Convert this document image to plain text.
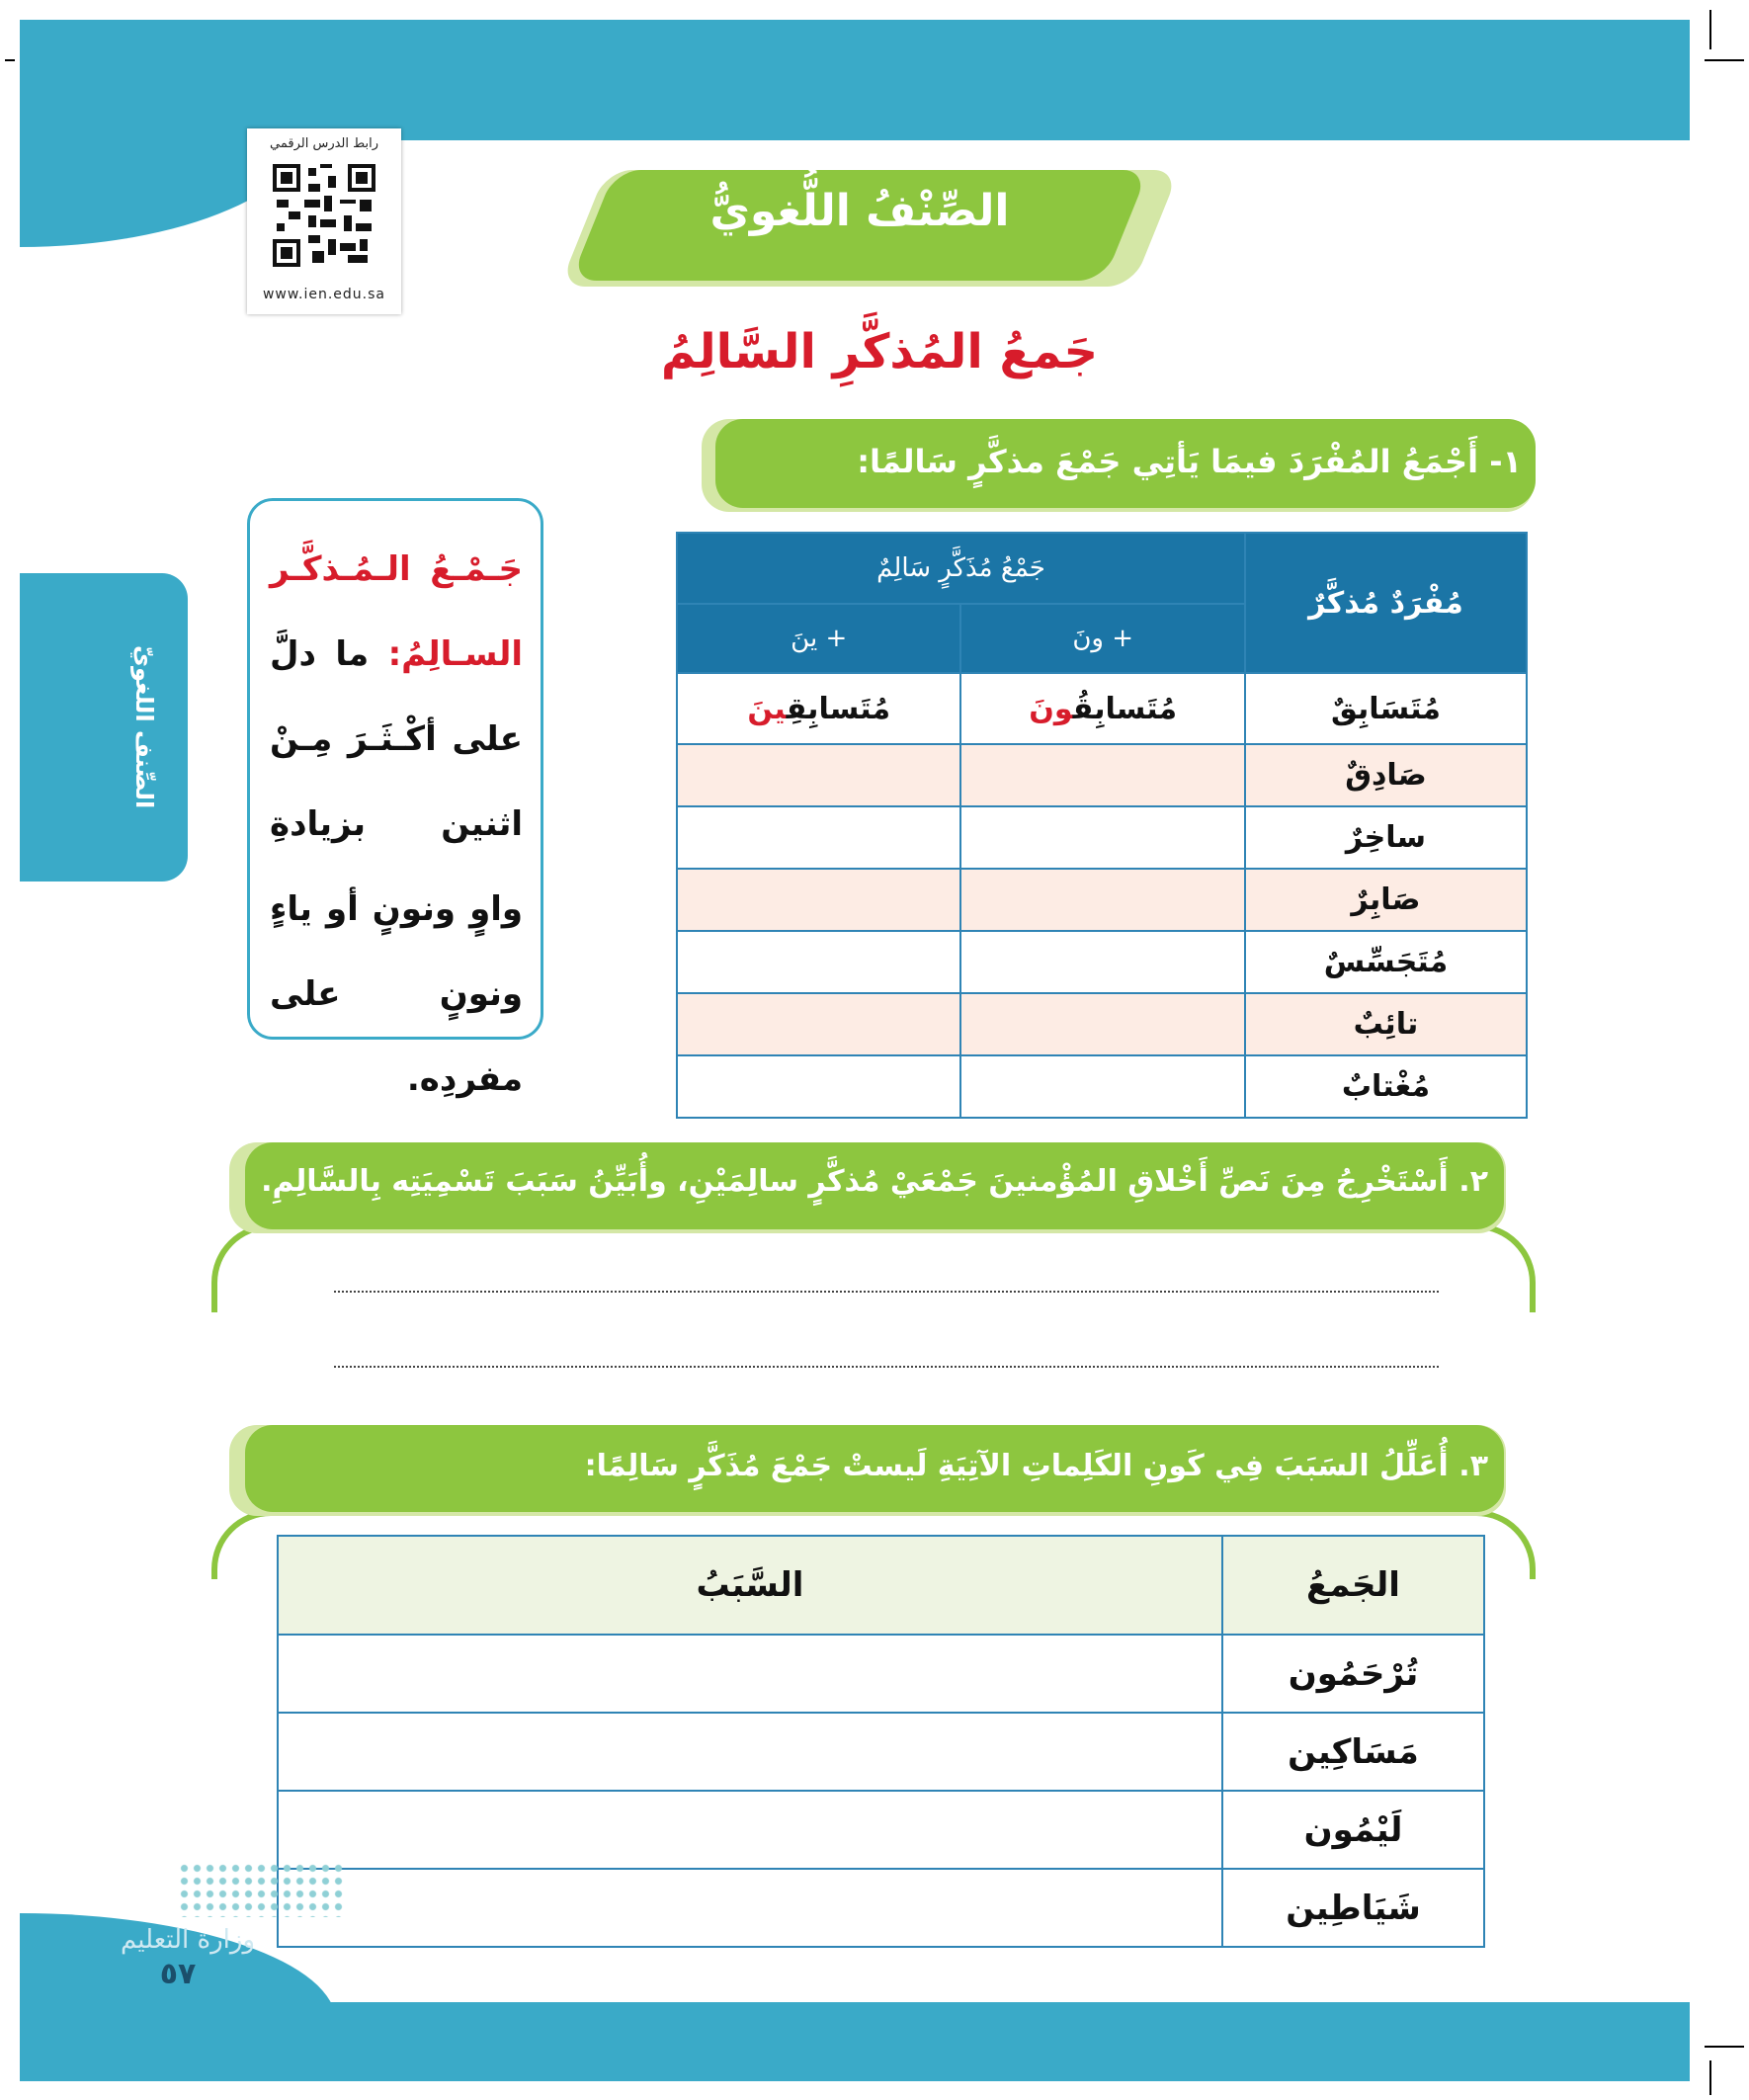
رابط الدرس الرقمي
www.ien.edu.sa
الصِّنْفُ اللُّغويُّ
جَمعُ المُذكَّرِ السَّالِمُ
الصِّنف اللغويّ
جَـمْـعُ الـمُـذكَّـر السـالِمُ: ما دلَّ على أكْـثَـرَ مِـنْ اثنين بزيادةِ واوٍ ونونٍ أو ياءٍ ونونٍ على مفردِه.
١- أَجْمَعُ المُفْرَدَ فيمَا يَأتِي جَمْعَ مذكَّرٍ سَالمًا:
مُفْرَدٌ مُذكَّرٌ	جَمْعُ مُذَكَّرٍ سَالِمٌ	
	+ ونَ	+ ينَ
مُتَسَابِقٌ	مُتَسابِقُونَ	مُتَسابِقِينَ
صَادِقٌ		
ساخِرٌ		
صَابِرٌ		
مُتَجَسِّسٌ		
تائِبٌ		
مُغْتابٌ		
٢. أَسْتَخْرِجُ مِنَ نَصِّ أَخْلاقِ المُؤْمنينَ جَمْعَيْ مُذكَّرٍ سالِمَيْنِ، وأُبَيِّنُ سَبَبَ تَسْمِيَتِه بِالسَّالِمِ.
٣. أُعَلِّلُ السَبَبَ فِي كَونِ الكَلِماتِ الآتِيَةِ لَيستْ جَمْعَ مُذَكَّرٍ سَالِمًا:
الجَمعُ	السَّبَبُ
تُرْحَمُون	
مَسَاكِين	
لَيْمُون	
شَيَاطِين	
وزارة التعليم
٥٧
